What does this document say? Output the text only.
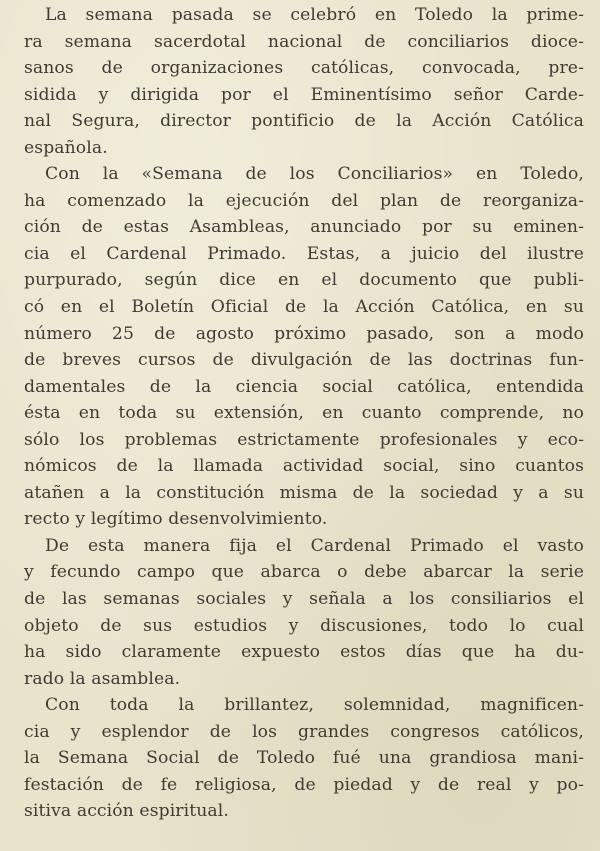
La semana pasada se celebró en Toledo la prime-
ra semana sacerdotal nacional de conciliarios dioce-
sanos de organizaciones católicas, convocada, pre-
sidida y dirigida por el Eminentísimo señor Carde-
nal Segura, director pontificio de la Acción Católica
española.
Con la «Semana de los Conciliarios» en Toledo,
ha comenzado la ejecución del plan de reorganiza-
ción de estas Asambleas, anunciado por su eminen-
cia el Cardenal Primado. Estas, a juicio del ilustre
purpurado, según dice en el documento que publi-
có en el Boletín Oficial de la Acción Católica, en su
número 25 de agosto próximo pasado, son a modo
de breves cursos de divulgación de las doctrinas fun-
damentales de la ciencia social católica, entendida
ésta en toda su extensión, en cuanto comprende, no
sólo los problemas estrictamente profesionales y eco-
nómicos de la llamada actividad social, sino cuantos
atañen a la constitución misma de la sociedad y a su
recto y legítimo desenvolvimiento.
De esta manera fija el Cardenal Primado el vasto
y fecundo campo que abarca o debe abarcar la serie
de las semanas sociales y señala a los consiliarios el
objeto de sus estudios y discusiones, todo lo cual
ha sido claramente expuesto estos días que ha du-
rado la asamblea.
Con toda la brillantez, solemnidad, magnificen-
cia y esplendor de los grandes congresos católicos,
la Semana Social de Toledo fué una grandiosa mani-
festación de fe religiosa, de piedad y de real y po-
sitiva acción espiritual.
